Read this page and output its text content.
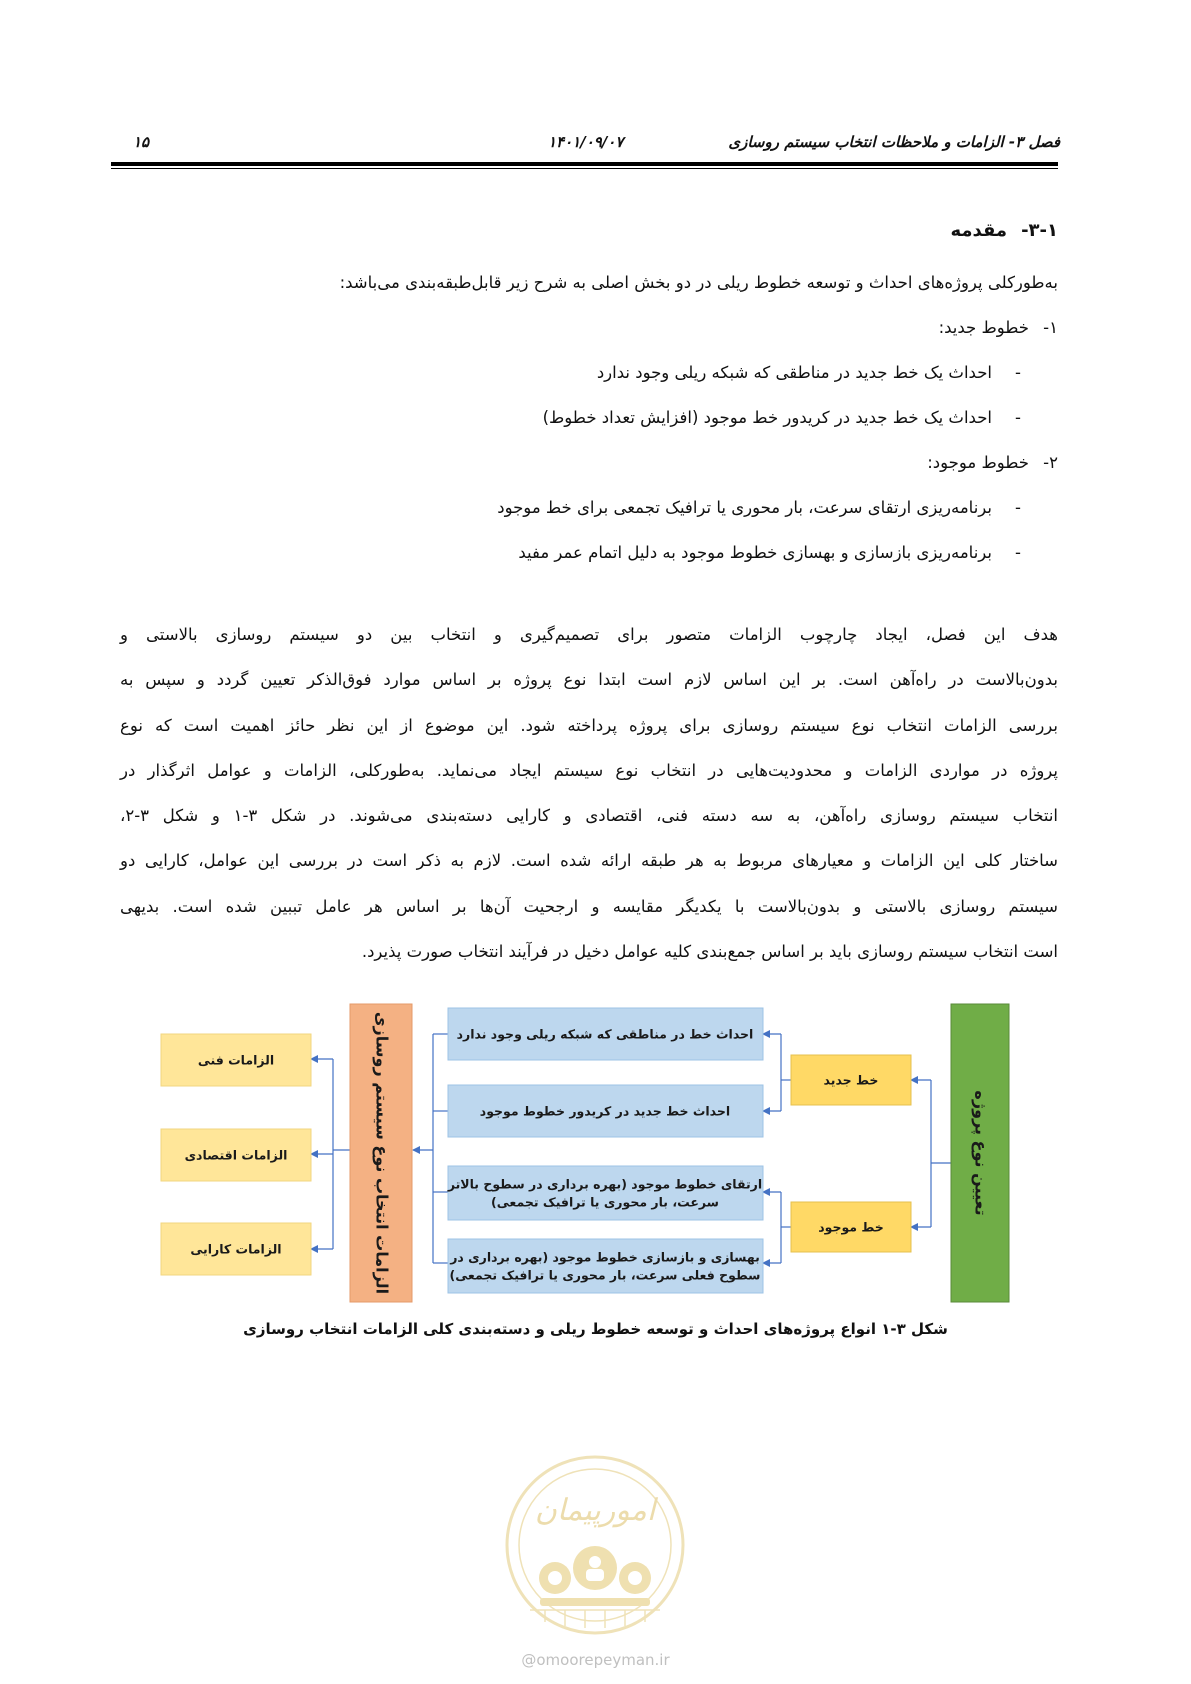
فصل ۳- الزامات و ملاحظات انتخاب سیستم روسازی
۱۴۰۱/۰۹/۰۷
۱۵
۳-۱-مقدمه
به‌طورکلی پروژه‌های احداث و توسعه خطوط ریلی در دو بخش اصلی به شرح زیر قابل‌طبقه‌بندی می‌باشد:
۱-
خطوط جدید:
-
احداث یک خط جدید در مناطقی که شبکه ریلی وجود ندارد
-
احداث یک خط جدید در کریدور خط موجود (افزایش تعداد خطوط)
۲-
خطوط موجود:
-
برنامه‌ریزی ارتقای سرعت، بار محوری یا ترافیک تجمعی برای خط موجود
-
برنامه‌ریزی بازسازی و بهسازی خطوط موجود به دلیل اتمام عمر مفید
هدف این فصل، ایجاد چارچوب الزامات متصور برای تصمیم‌گیری و انتخاب بین دو سیستم روسازی بالاستی و
بدون‌بالاست در راه‌آهن است. بر این اساس لازم است ابتدا نوع پروژه بر اساس موارد فوق‌الذکر تعیین گردد و سپس به
بررسی الزامات انتخاب نوع سیستم روسازی برای پروژه پرداخته شود. این موضوع از این نظر حائز اهمیت است که نوع
پروژه در مواردی الزامات و محدودیت‌هایی در انتخاب نوع سیستم ایجاد می‌نماید. به‌طورکلی، الزامات و عوامل اثرگذار در
انتخاب سیستم روسازی راه‌آهن، به سه دسته فنی، اقتصادی و کارایی دسته‌بندی می‌شوند. در شکل ۳-۱ و شکل ۳-۲،
ساختار کلی این الزامات و معیارهای مربوط به هر طبقه ارائه شده است. لازم به ذکر است در بررسی این عوامل، کارایی دو
سیستم روسازی بالاستی و بدون‌بالاست با یکدیگر مقایسه و ارجحیت آن‌ها بر اساس هر عامل تببین شده است. بدیهی
است انتخاب سیستم روسازی باید بر اساس جمع‌بندی کلیه عوامل دخیل در فرآیند انتخاب صورت پذیرد.
تعیین نوع پروژه
خط جدید
خط موجود
احداث خط در مناطقی که شبکه ریلی وجود ندارد
احداث خط جدید در کریدور خطوط موجود
ارتقای خطوط موجود (بهره برداری در سطوح بالاتر
سرعت، بار محوری یا ترافیک تجمعی)
بهسازی و بازسازی خطوط موجود (بهره برداری در
سطوح فعلی سرعت، بار محوری یا ترافیک تجمعی)
الزامات انتخاب نوع سیستم روسازی
الزامات فنی
الزامات اقتصادی
الزامات کارایی
شکل ۳-۱ انواع پروژه‌های احداث و توسعه خطوط ریلی و دسته‌بندی کلی الزامات انتخاب روسازی
امورپیمان
@omoorepeyman.ir
